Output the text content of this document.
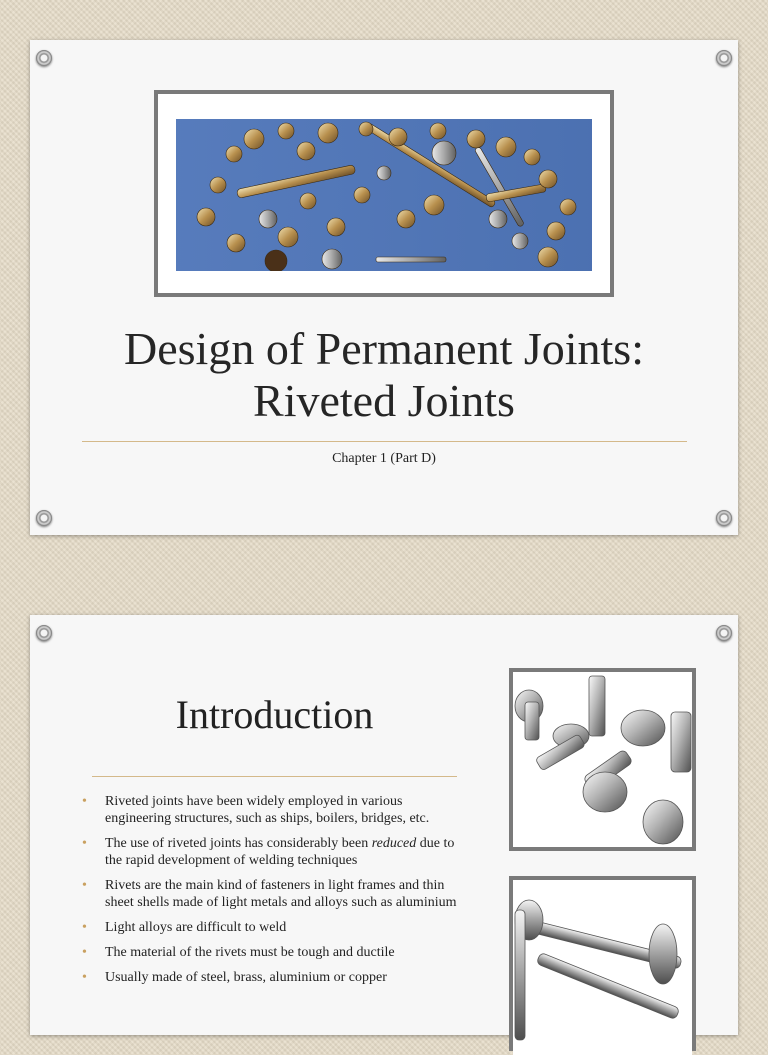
Design of Permanent Joints:
Riveted Joints
Chapter 1 (Part D)
Introduction
• Riveted joints have been widely employed in various engineering structures, such as ships, boilers, bridges, etc.
• The use of riveted joints has considerably been reduced due to the rapid development of welding techniques
• Rivets are the main kind of fasteners in light frames and thin sheet shells made of light metals and alloys such as aluminium
• Light alloys are difficult to weld
• The material of the rivets must be tough and ductile
• Usually made of steel, brass, aluminium or copper
